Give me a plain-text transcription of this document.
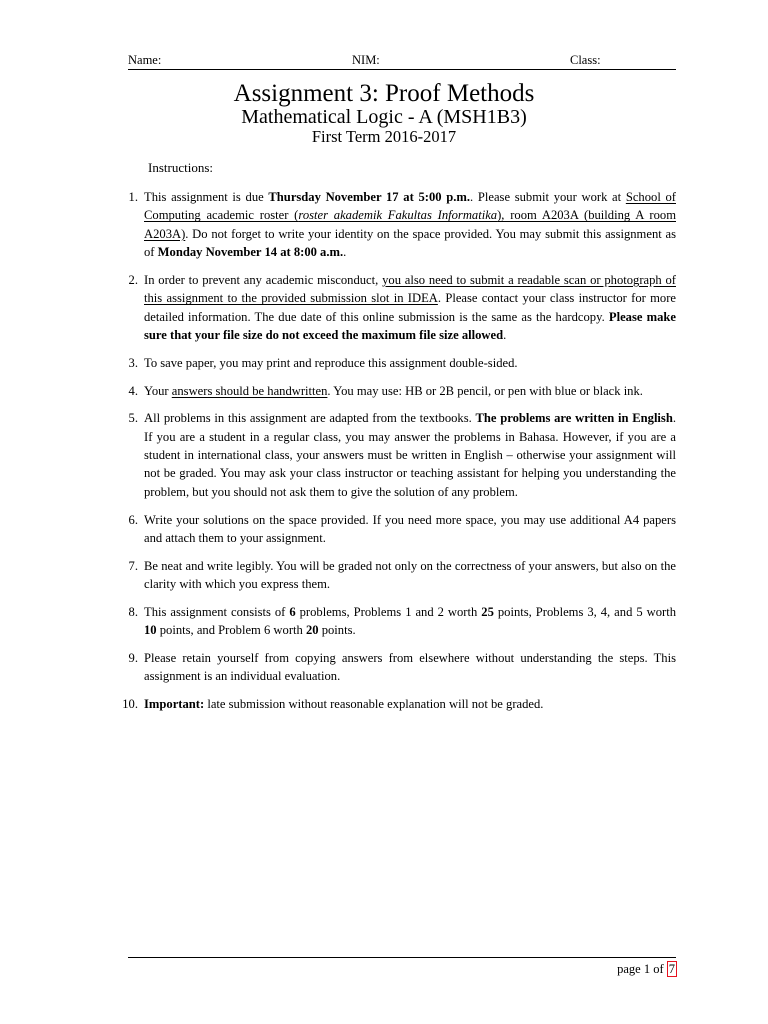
Name:	NIM:	Class:
Assignment 3: Proof Methods
Mathematical Logic - A (MSH1B3)
First Term 2016-2017
Instructions:
1. This assignment is due Thursday November 17 at 5:00 p.m.. Please submit your work at School of Computing academic roster (roster akademik Fakultas Informatika), room A203A (building A room A203A). Do not forget to write your identity on the space provided. You may submit this assignment as of Monday November 14 at 8:00 a.m..
2. In order to prevent any academic misconduct, you also need to submit a readable scan or photograph of this assignment to the provided submission slot in IDEA. Please contact your class instructor for more detailed information. The due date of this online submission is the same as the hardcopy. Please make sure that your file size do not exceed the maximum file size allowed.
3. To save paper, you may print and reproduce this assignment double-sided.
4. Your answers should be handwritten. You may use: HB or 2B pencil, or pen with blue or black ink.
5. All problems in this assignment are adapted from the textbooks. The problems are written in English. If you are a student in a regular class, you may answer the problems in Bahasa. However, if you are a student in international class, your answers must be written in English – otherwise your assignment will not be graded. You may ask your class instructor or teaching assistant for helping you understanding the problem, but you should not ask them to give the solution of any problem.
6. Write your solutions on the space provided. If you need more space, you may use additional A4 papers and attach them to your assignment.
7. Be neat and write legibly. You will be graded not only on the correctness of your answers, but also on the clarity with which you express them.
8. This assignment consists of 6 problems, Problems 1 and 2 worth 25 points, Problems 3, 4, and 5 worth 10 points, and Problem 6 worth 20 points.
9. Please retain yourself from copying answers from elsewhere without understanding the steps. This assignment is an individual evaluation.
10. Important: late submission without reasonable explanation will not be graded.
page 1 of 7
